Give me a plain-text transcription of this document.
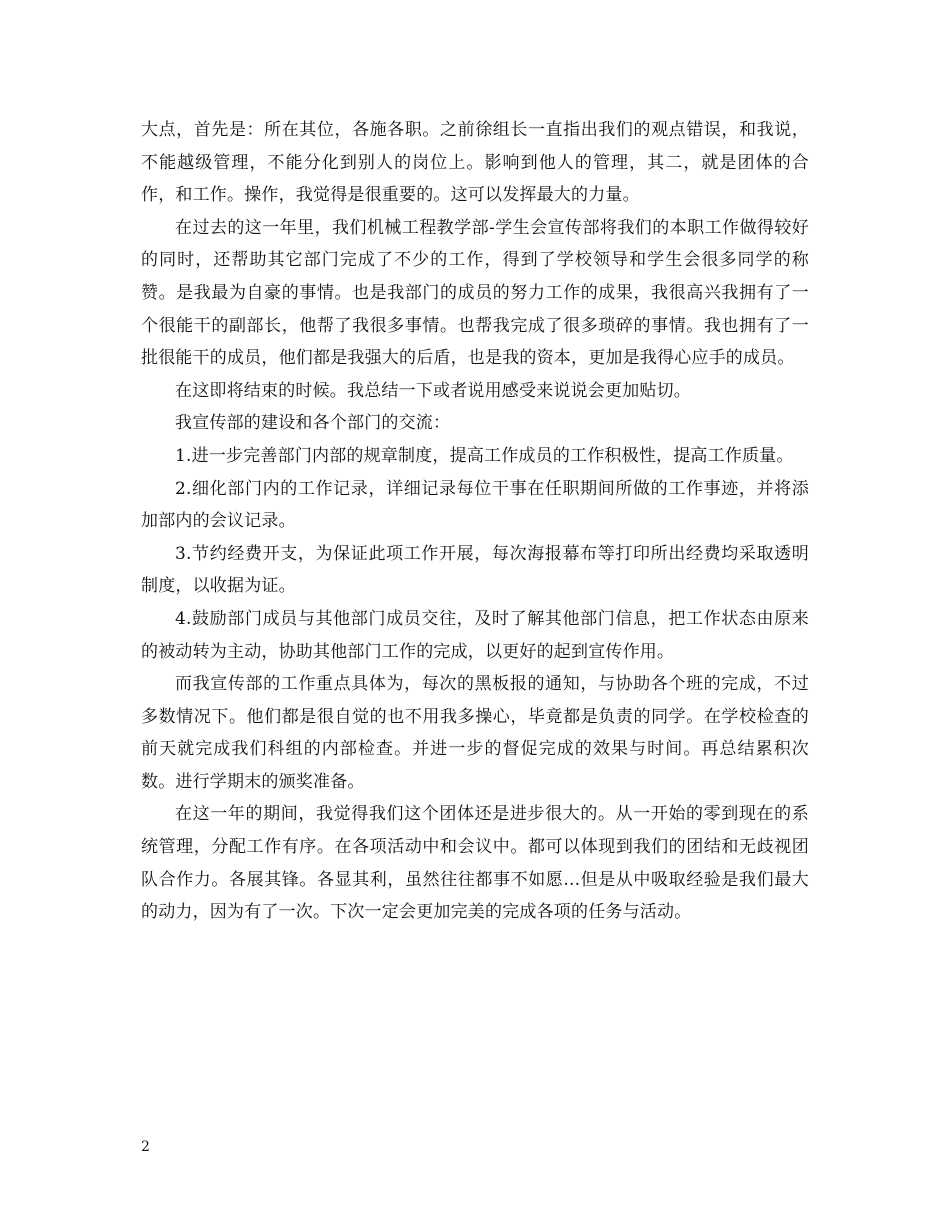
大点，首先是：所在其位，各施各职。之前徐组长一直指出我们的观点错误，和我说，不能越级管理，不能分化到别人的岗位上。影响到他人的管理，其二，就是团体的合作，和工作。操作，我觉得是很重要的。这可以发挥最大的力量。

在过去的这一年里，我们机械工程教学部-学生会宣传部将我们的本职工作做得较好的同时，还帮助其它部门完成了不少的工作，得到了学校领导和学生会很多同学的称赞。是我最为自豪的事情。也是我部门的成员的努力工作的成果，我很高兴我拥有了一个很能干的副部长，他帮了我很多事情。也帮我完成了很多琐碎的事情。我也拥有了一批很能干的成员，他们都是我强大的后盾，也是我的资本，更加是我得心应手的成员。

在这即将结束的时候。我总结一下或者说用感受来说说会更加贴切。

我宣传部的建设和各个部门的交流：

1.进一步完善部门内部的规章制度，提高工作成员的工作积极性，提高工作质量。

2.细化部门内的工作记录，详细记录每位干事在任职期间所做的工作事迹，并将添加部内的会议记录。

3.节约经费开支，为保证此项工作开展，每次海报幕布等打印所出经费均采取透明制度，以收据为证。

4.鼓励部门成员与其他部门成员交往，及时了解其他部门信息，把工作状态由原来的被动转为主动，协助其他部门工作的完成，以更好的起到宣传作用。

而我宣传部的工作重点具体为，每次的黑板报的通知，与协助各个班的完成，不过多数情况下。他们都是很自觉的也不用我多操心，毕竟都是负责的同学。在学校检查的前天就完成我们科组的内部检查。并进一步的督促完成的效果与时间。再总结累积次数。进行学期末的颁奖准备。

在这一年的期间，我觉得我们这个团体还是进步很大的。从一开始的零到现在的系统管理，分配工作有序。在各项活动中和会议中。都可以体现到我们的团结和无歧视团队合作力。各展其锋。各显其利，虽然往往都事不如愿...但是从中吸取经验是我们最大的动力，因为有了一次。下次一定会更加完美的完成各项的任务与活动。

2
